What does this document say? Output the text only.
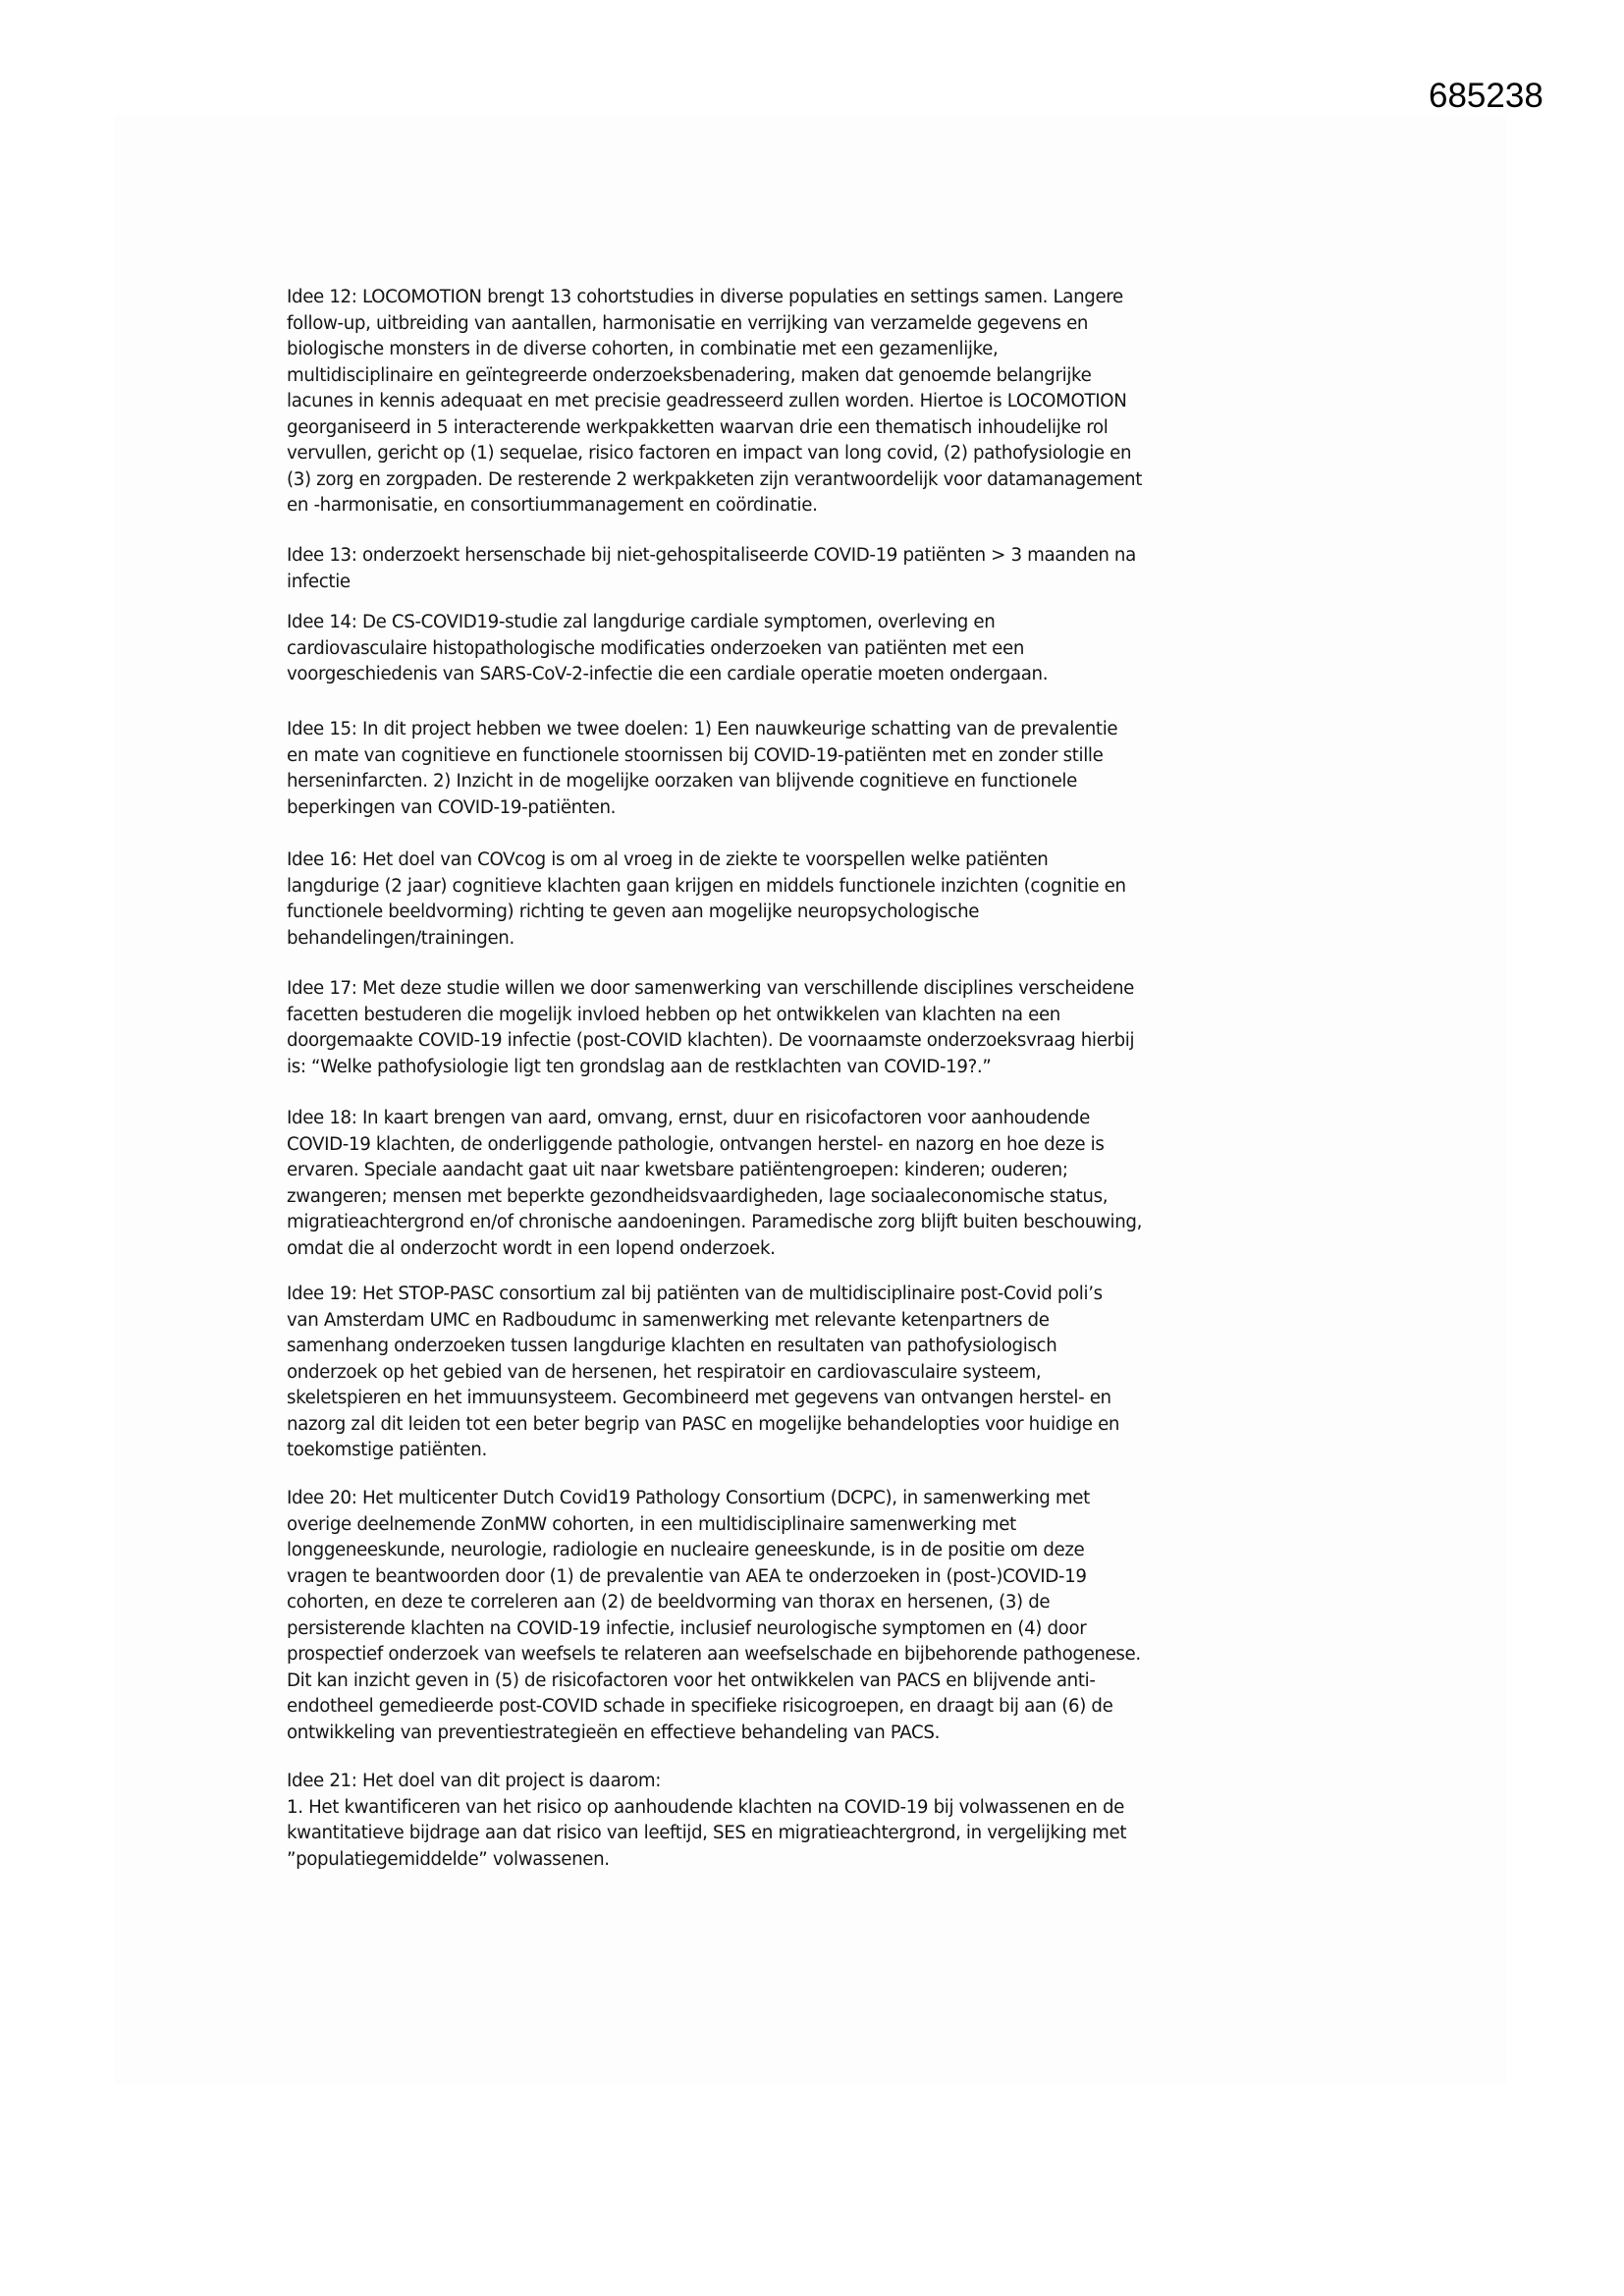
685238
Idee 12: LOCOMOTION brengt 13 cohortstudies in diverse populaties en settings samen. Langere
follow-up, uitbreiding van aantallen, harmonisatie en verrijking van verzamelde gegevens en
biologische monsters in de diverse cohorten, in combinatie met een gezamenlijke,
multidisciplinaire en geïntegreerde onderzoeksbenadering, maken dat genoemde belangrijke
lacunes in kennis adequaat en met precisie geadresseerd zullen worden. Hiertoe is LOCOMOTION
georganiseerd in 5 interacterende werkpakketten waarvan drie een thematisch inhoudelijke rol
vervullen, gericht op (1) sequelae, risico factoren en impact van long covid, (2) pathofysiologie en
(3) zorg en zorgpaden. De resterende 2 werkpakketen zijn verantwoordelijk voor datamanagement
en -harmonisatie, en consortiummanagement en coördinatie.
Idee 13: onderzoekt hersenschade bij niet-gehospitaliseerde COVID-19 patiënten > 3 maanden na
infectie
Idee 14: De CS-COVID19-studie zal langdurige cardiale symptomen, overleving en
cardiovasculaire histopathologische modificaties onderzoeken van patiënten met een
voorgeschiedenis van SARS-CoV-2-infectie die een cardiale operatie moeten ondergaan.
Idee 15: In dit project hebben we twee doelen: 1) Een nauwkeurige schatting van de prevalentie
en mate van cognitieve en functionele stoornissen bij COVID-19-patiënten met en zonder stille
herseninfarcten. 2) Inzicht in de mogelijke oorzaken van blijvende cognitieve en functionele
beperkingen van COVID-19-patiënten.
Idee 16: Het doel van COVcog is om al vroeg in de ziekte te voorspellen welke patiënten
langdurige (2 jaar) cognitieve klachten gaan krijgen en middels functionele inzichten (cognitie en
functionele beeldvorming) richting te geven aan mogelijke neuropsychologische
behandelingen/trainingen.
Idee 17: Met deze studie willen we door samenwerking van verschillende disciplines verscheidene
facetten bestuderen die mogelijk invloed hebben op het ontwikkelen van klachten na een
doorgemaakte COVID-19 infectie (post-COVID klachten). De voornaamste onderzoeksvraag hierbij
is: “Welke pathofysiologie ligt ten grondslag aan de restklachten van COVID-19?.”
Idee 18: In kaart brengen van aard, omvang, ernst, duur en risicofactoren voor aanhoudende
COVID-19 klachten, de onderliggende pathologie, ontvangen herstel- en nazorg en hoe deze is
ervaren. Speciale aandacht gaat uit naar kwetsbare patiëntengroepen: kinderen; ouderen;
zwangeren; mensen met beperkte gezondheidsvaardigheden, lage sociaaleconomische status,
migratieachtergrond en/of chronische aandoeningen. Paramedische zorg blijft buiten beschouwing,
omdat die al onderzocht wordt in een lopend onderzoek.
Idee 19: Het STOP-PASC consortium zal bij patiënten van de multidisciplinaire post-Covid poli’s
van Amsterdam UMC en Radboudumc in samenwerking met relevante ketenpartners de
samenhang onderzoeken tussen langdurige klachten en resultaten van pathofysiologisch
onderzoek op het gebied van de hersenen, het respiratoir en cardiovasculaire systeem,
skeletspieren en het immuunsysteem. Gecombineerd met gegevens van ontvangen herstel- en
nazorg zal dit leiden tot een beter begrip van PASC en mogelijke behandelopties voor huidige en
toekomstige patiënten.
Idee 20: Het multicenter Dutch Covid19 Pathology Consortium (DCPC), in samenwerking met
overige deelnemende ZonMW cohorten, in een multidisciplinaire samenwerking met
longgeneeskunde, neurologie, radiologie en nucleaire geneeskunde, is in de positie om deze
vragen te beantwoorden door (1) de prevalentie van AEA te onderzoeken in (post-)COVID-19
cohorten, en deze te correleren aan (2) de beeldvorming van thorax en hersenen, (3) de
persisterende klachten na COVID-19 infectie, inclusief neurologische symptomen en (4) door
prospectief onderzoek van weefsels te relateren aan weefselschade en bijbehorende pathogenese.
Dit kan inzicht geven in (5) de risicofactoren voor het ontwikkelen van PACS en blijvende anti-
endotheel gemedieerde post-COVID schade in specifieke risicogroepen, en draagt bij aan (6) de
ontwikkeling van preventiestrategieën en effectieve behandeling van PACS.
Idee 21: Het doel van dit project is daarom:
1. Het kwantificeren van het risico op aanhoudende klachten na COVID-19 bij volwassenen en de
kwantitatieve bijdrage aan dat risico van leeftijd, SES en migratieachtergrond, in vergelijking met
”populatiegemiddelde” volwassenen.
